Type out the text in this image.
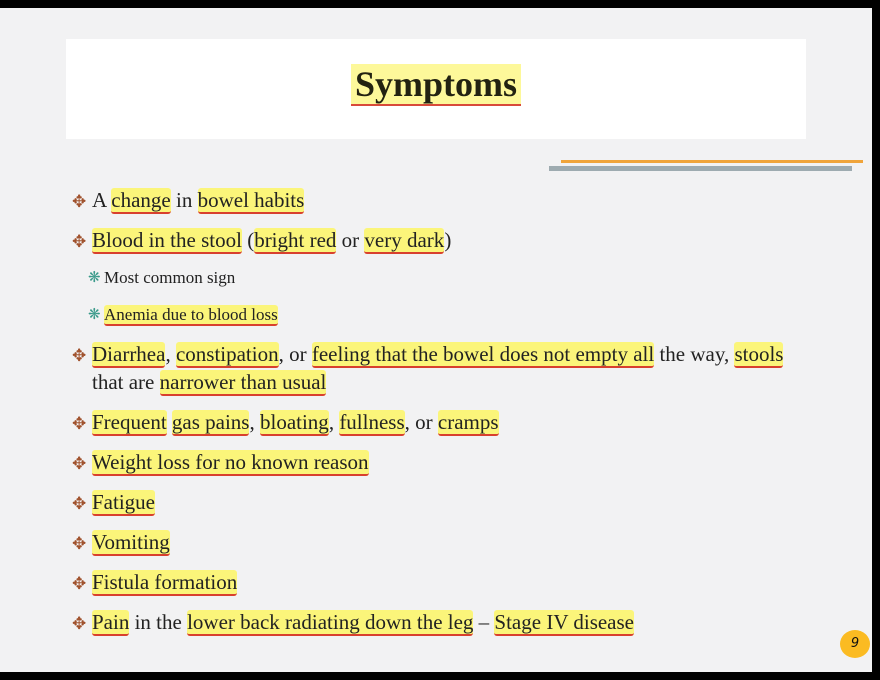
Symptoms
✥ A change in bowel habits
✥ Blood in the stool (bright red or very dark)
❋ Most common sign
❋ Anemia due to blood loss
✥ Diarrhea, constipation, or feeling that the bowel does not empty all the way, stools that are narrower than usual
✥ Frequent gas pains, bloating, fullness, or cramps
✥ Weight loss for no known reason
✥ Fatigue
✥ Vomiting
✥ Fistula formation
✥ Pain in the lower back radiating down the leg – Stage IV disease
9
